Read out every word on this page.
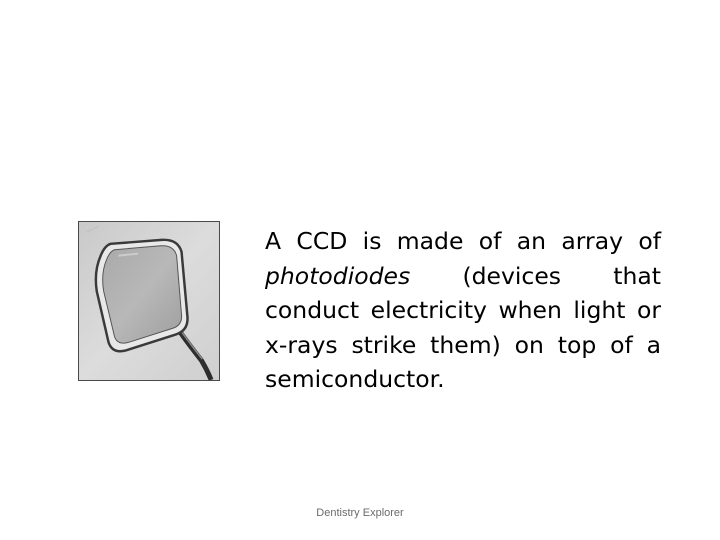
A CCD is made of an array of photodiodes (devices that conduct electricity when light or x-rays strike them) on top of a semiconductor.

Dentistry Explorer
